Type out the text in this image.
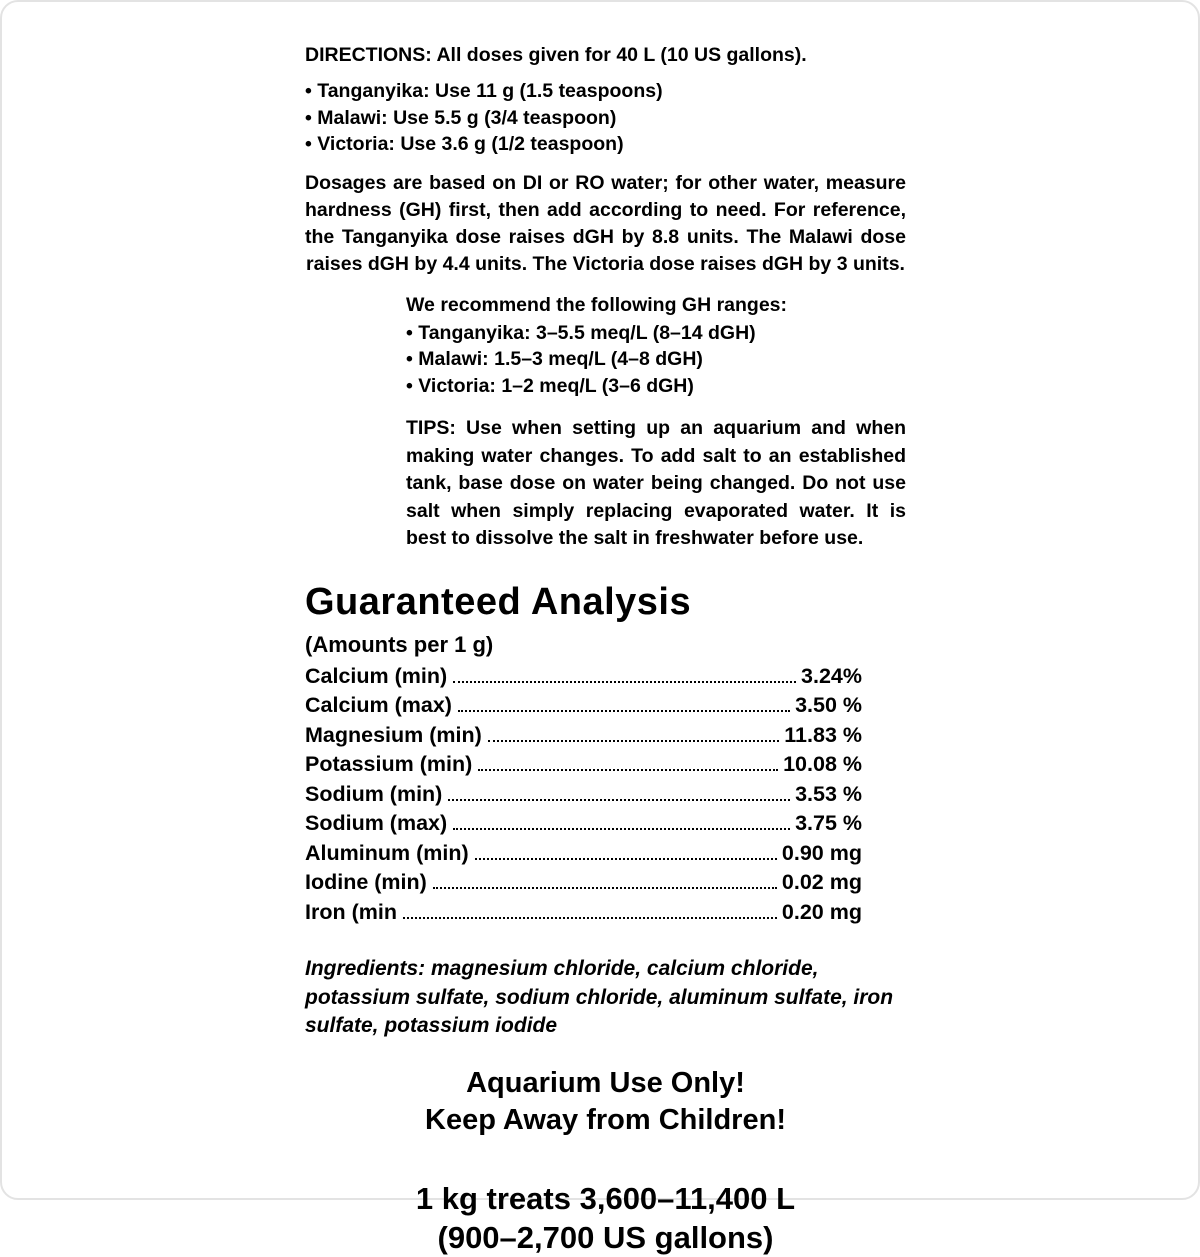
DIRECTIONS: All doses given for 40 L (10 US gallons).

• Tanganyika: Use 11 g (1.5 teaspoons)
• Malawi: Use 5.5 g (3/4 teaspoon)
• Victoria: Use 3.6 g (1/2 teaspoon)

Dosages are based on DI or RO water; for other water, measure hardness (GH) first, then add according to need. For reference, the Tanganyika dose raises dGH by 8.8 units. The Malawi dose raises dGH by 4.4 units. The Victoria dose raises dGH by 3 units.

We recommend the following GH ranges:
• Tanganyika: 3–5.5 meq/L (8–14 dGH)
• Malawi: 1.5–3 meq/L (4–8 dGH)
• Victoria: 1–2 meq/L (3–6 dGH)

TIPS: Use when setting up an aquarium and when making water changes. To add salt to an established tank, base dose on water being changed. Do not use salt when simply replacing evaporated water. It is best to dissolve the salt in freshwater before use.

Guaranteed Analysis
(Amounts per 1 g)
Calcium (min)	3.24%
Calcium (max)	3.50 %
Magnesium (min)	11.83 %
Potassium (min)	10.08 %
Sodium (min)	3.53 %
Sodium (max)	3.75 %
Aluminum (min)	0.90 mg
Iodine (min)	0.02 mg
Iron (min	0.20 mg

Ingredients: magnesium chloride, calcium chloride, potassium sulfate, sodium chloride, aluminum sulfate, iron sulfate, potassium iodide

Aquarium Use Only!
Keep Away from Children!
1 kg treats 3,600–11,400 L
(900–2,700 US gallons)
